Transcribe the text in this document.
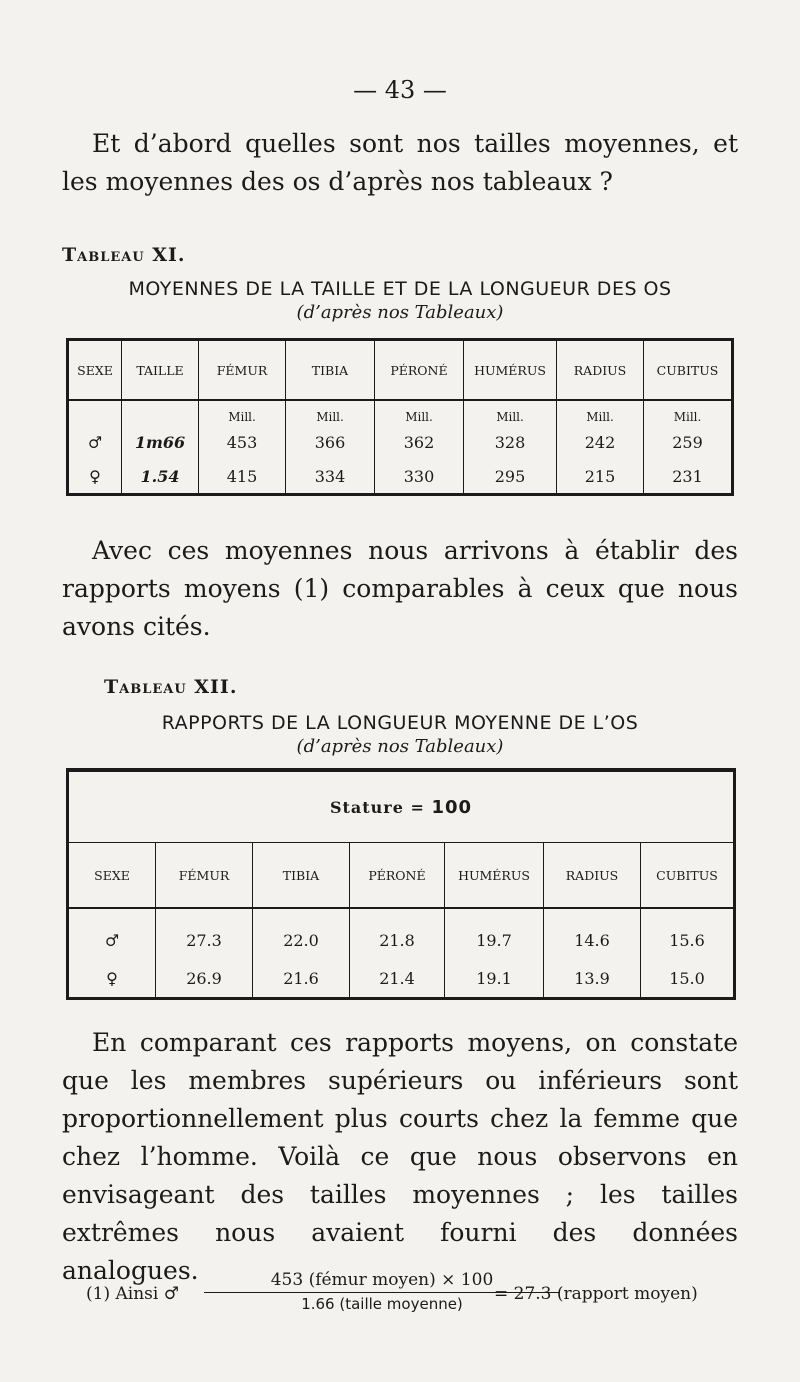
— 43 —

Et d’abord quelles sont nos tailles moyennes, et les moyennes des os d’après nos tableaux ?

Tableau XI.
MOYENNES DE LA TAILLE ET DE LA LONGUEUR DES OS
(d’après nos Tableaux)
SEXE	TAILLE	FÉMUR	TIBIA	PÉRONÉ	HUMÉRUS	RADIUS	CUBITUS
		Mill.	Mill.	Mill.	Mill.	Mill.	Mill.
♂	1m66	453	366	362	328	242	259
♀	1.54	415	334	330	295	215	231

Avec ces moyennes nous arrivons à établir des rapports moyens (1) comparables à ceux que nous avons cités.

Tableau XII.
RAPPORTS DE LA LONGUEUR MOYENNE DE L’OS
(d’après nos Tableaux)
Stature = 100						
SEXE	FÉMUR	TIBIA	PÉRONÉ	HUMÉRUS	RADIUS	CUBITUS
♂	27.3	22.0	21.8	19.7	14.6	15.6
♀	26.9	21.6	21.4	19.1	13.9	15.0

En comparant ces rapports moyens, on constate que les membres supérieurs ou inférieurs sont proportionnellement plus courts chez la femme que chez l’homme. Voilà ce que nous observons en envisageant des tailles moyennes ; les tailles extrêmes nous avaient fourni des données analogues.

(1) Ainsi ♂
453 (fémur moyen) × 100
1.66 (taille moyenne)	= 27.3 (rapport moyen)
